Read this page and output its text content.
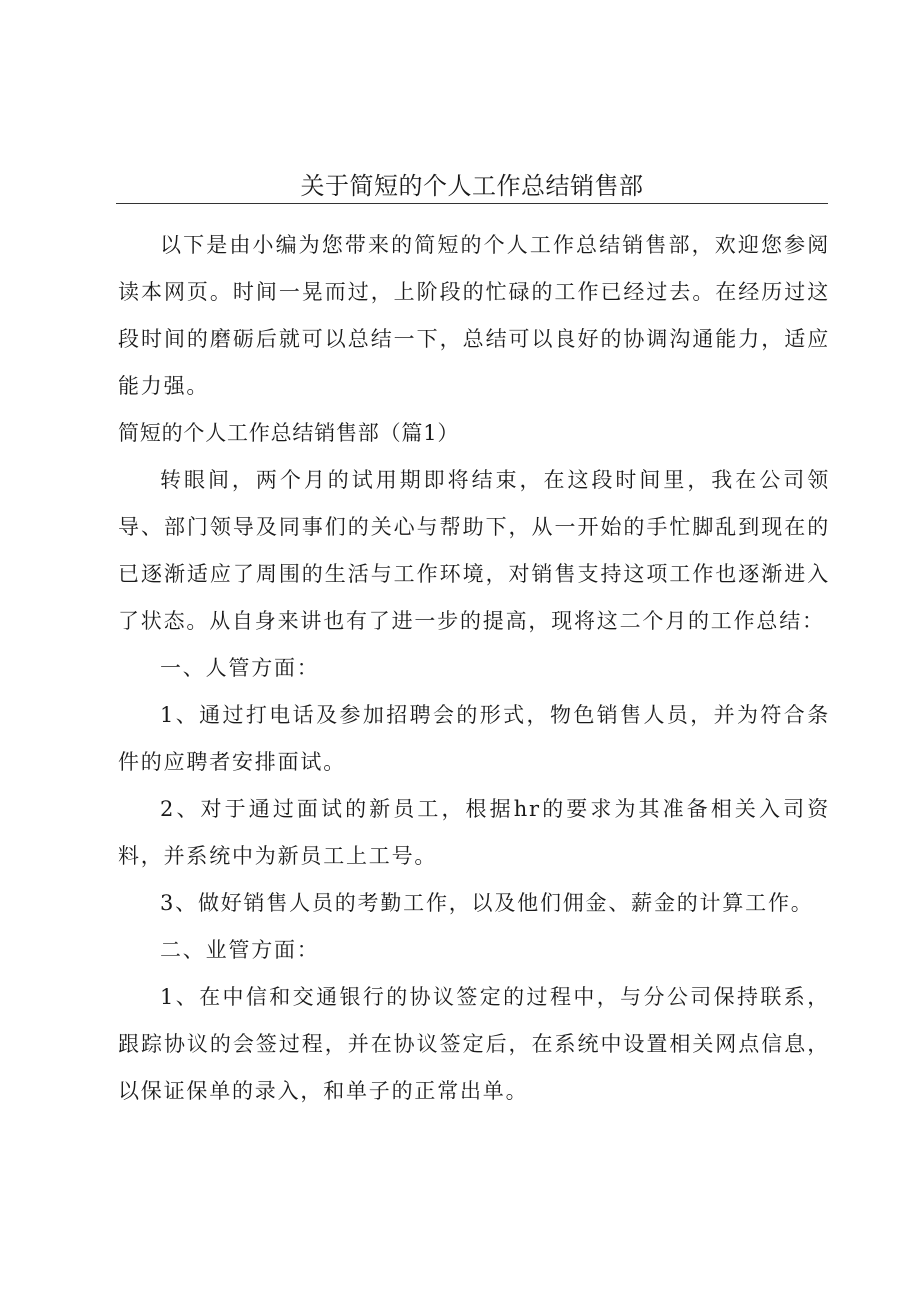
关于简短的个人工作总结销售部

以下是由小编为您带来的简短的个人工作总结销售部，欢迎您参阅读本网页。时间一晃而过，上阶段的忙碌的工作已经过去。在经历过这段时间的磨砺后就可以总结一下，总结可以良好的协调沟通能力，适应能力强。

简短的个人工作总结销售部（篇1）

转眼间，两个月的试用期即将结束，在这段时间里，我在公司领导、部门领导及同事们的关心与帮助下，从一开始的手忙脚乱到现在的已逐渐适应了周围的生活与工作环境，对销售支持这项工作也逐渐进入了状态。从自身来讲也有了进一步的提高，现将这二个月的工作总结：

一、人管方面：

1、通过打电话及参加招聘会的形式，物色销售人员，并为符合条件的应聘者安排面试。

2、对于通过面试的新员工，根据hr的要求为其准备相关入司资料，并系统中为新员工上工号。

3、做好销售人员的考勤工作，以及他们佣金、薪金的计算工作。

二、业管方面：

1、在中信和交通银行的协议签定的过程中，与分公司保持联系，跟踪协议的会签过程，并在协议签定后，在系统中设置相关网点信息，以保证保单的录入，和单子的正常出单。
